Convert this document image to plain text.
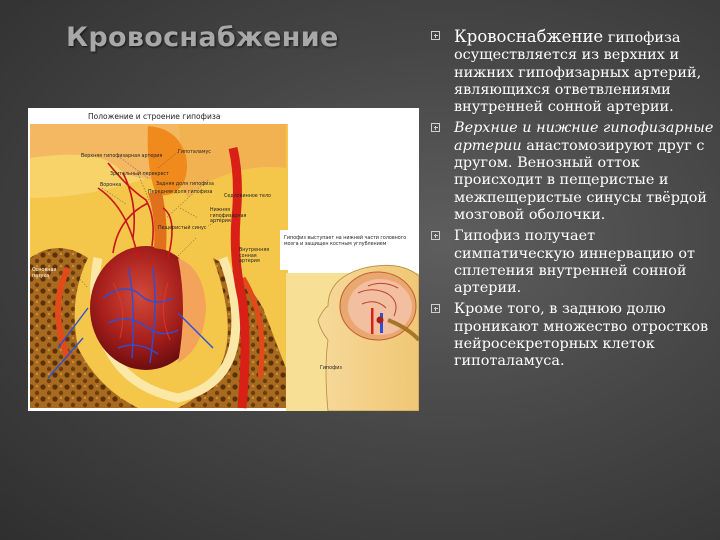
Кровоснабжение
Положение и строение гипофиза
Гипоталамус
Верхняя гипофизарная артерия
Зрительный перекрест
Воронка	Задняя доля гипофиза
Передняя доля гипофиза
Седловинное тело
Нижняя гипофизарная артерия
Внутренняя сонная артерия
Пещеристый синус
Основная пазуха
Гипофиз выступает на нижней части головного мозга и защищен костным углублением
Гипофиз
Кровоснабжение гипофиза осуществляется из верхних и нижних гипофизарных артерий, являющихся ответвлениями внутренней сонной артерии.
Верхние и нижние гипофизарные артерии анастомозируют друг с другом. Венозный отток происходит в пещеристые и межпещеристые синусы твёрдой мозговой оболочки.
Гипофиз получает симпатическую иннервацию от сплетения внутренней сонной артерии.
Кроме того, в заднюю долю проникают множество отростков нейросекреторных клеток гипоталамуса.
